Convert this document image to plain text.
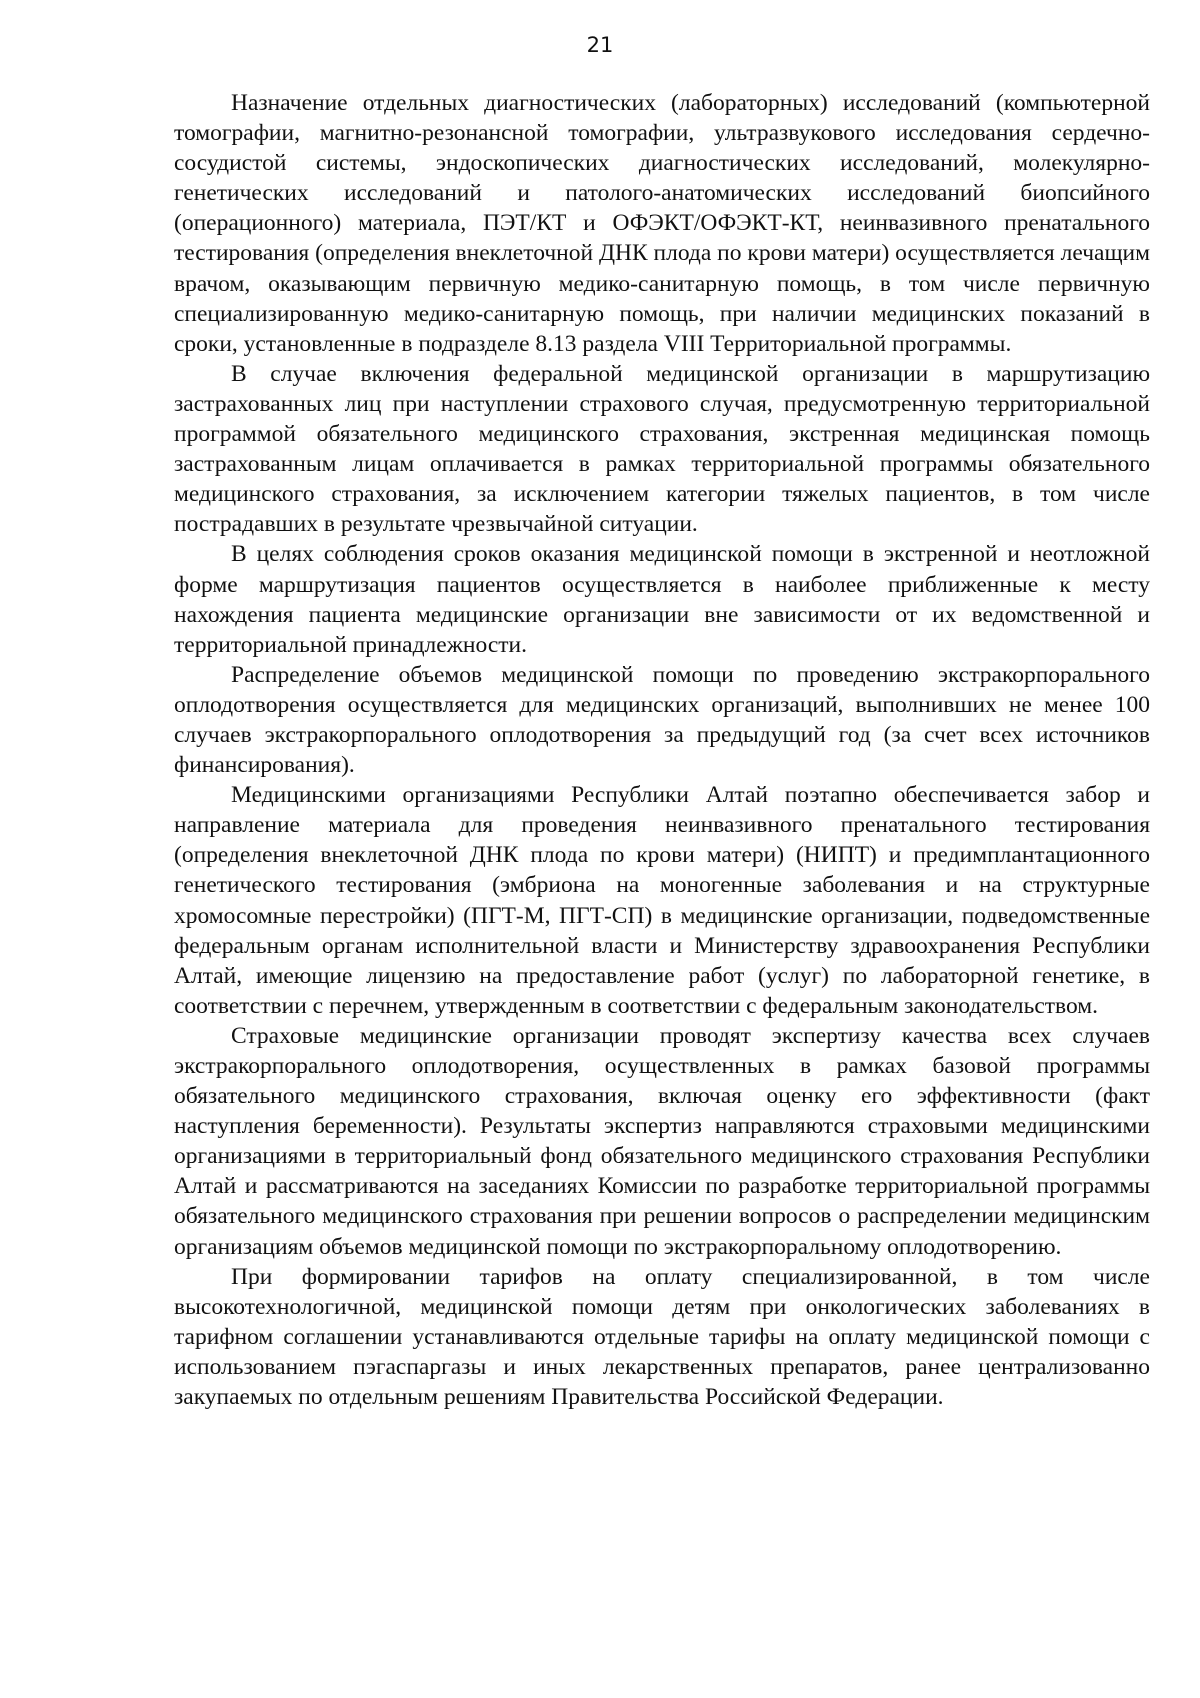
21

Назначение отдельных диагностических (лабораторных) исследований (компьютерной томографии, магнитно-резонансной томографии, ультразвукового исследования сердечно-сосудистой системы, эндоскопических диагностических исследований, молекулярно-генетических исследований и патолого-анатомических исследований биопсийного (операционного) материала, ПЭТ/КТ и ОФЭКТ/ОФЭКТ-КТ, неинвазивного пренатального тестирования (определения внеклеточной ДНК плода по крови матери) осуществляется лечащим врачом, оказывающим первичную медико-санитарную помощь, в том числе первичную специализированную медико-санитарную помощь, при наличии медицинских показаний в сроки, установленные в подразделе 8.13 раздела VIII Территориальной программы.

В случае включения федеральной медицинской организации в маршрутизацию застрахованных лиц при наступлении страхового случая, предусмотренную территориальной программой обязательного медицинского страхования, экстренная медицинская помощь застрахованным лицам оплачивается в рамках территориальной программы обязательного медицинского страхования, за исключением категории тяжелых пациентов, в том числе пострадавших в результате чрезвычайной ситуации.

В целях соблюдения сроков оказания медицинской помощи в экстренной и неотложной форме маршрутизация пациентов осуществляется в наиболее приближенные к месту нахождения пациента медицинские организации вне зависимости от их ведомственной и территориальной принадлежности.

Распределение объемов медицинской помощи по проведению экстракорпорального оплодотворения осуществляется для медицинских организаций, выполнивших не менее 100 случаев экстракорпорального оплодотворения за предыдущий год (за счет всех источников финансирования).

Медицинскими организациями Республики Алтай поэтапно обеспечивается забор и направление материала для проведения неинвазивного пренатального тестирования (определения внеклеточной ДНК плода по крови матери) (НИПТ) и предимплантационного генетического тестирования (эмбриона на моногенные заболевания и на структурные хромосомные перестройки) (ПГТ-М, ПГТ-СП) в медицинские организации, подведомственные федеральным органам исполнительной власти и Министерству здравоохранения Республики Алтай, имеющие лицензию на предоставление работ (услуг) по лабораторной генетике, в соответствии с перечнем, утвержденным в соответствии с федеральным законодательством.

Страховые медицинские организации проводят экспертизу качества всех случаев экстракорпорального оплодотворения, осуществленных в рамках базовой программы обязательного медицинского страхования, включая оценку его эффективности (факт наступления беременности). Результаты экспертиз направляются страховыми медицинскими организациями в территориальный фонд обязательного медицинского страхования Республики Алтай и рассматриваются на заседаниях Комиссии по разработке территориальной программы обязательного медицинского страхования при решении вопросов о распределении медицинским организациям объемов медицинской помощи по экстракорпоральному оплодотворению.

При формировании тарифов на оплату специализированной, в том числе высокотехнологичной, медицинской помощи детям при онкологических заболеваниях в тарифном соглашении устанавливаются отдельные тарифы на оплату медицинской помощи с использованием пэгаспаргазы и иных лекарственных препаратов, ранее централизованно закупаемых по отдельным решениям Правительства Российской Федерации.
